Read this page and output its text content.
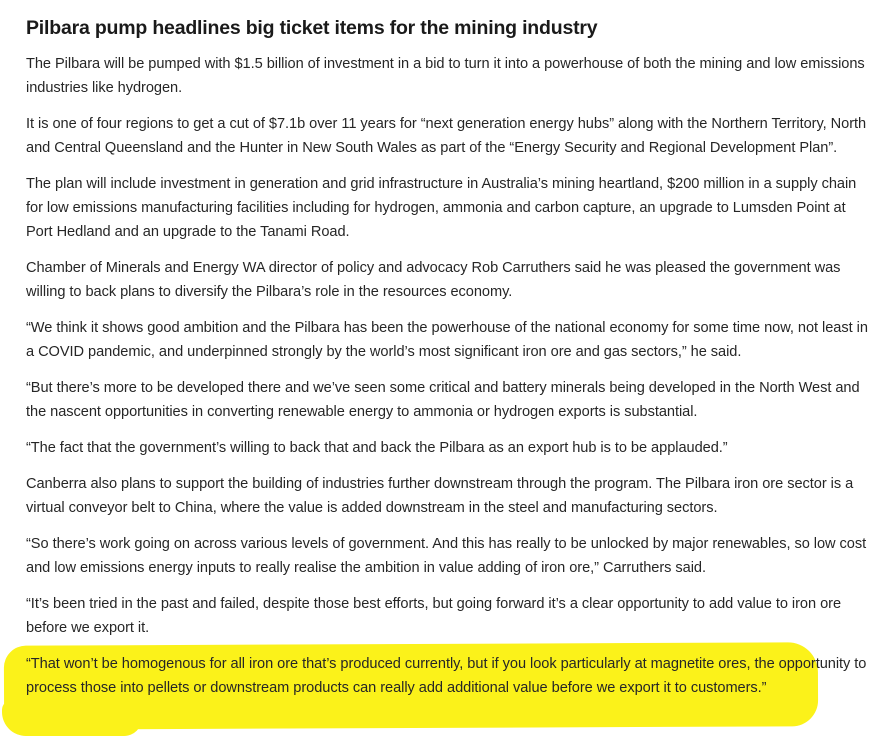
Pilbara pump headlines big ticket items for the mining industry

The Pilbara will be pumped with $1.5 billion of investment in a bid to turn it into a powerhouse of both the mining and low emissions industries like hydrogen.

It is one of four regions to get a cut of $7.1b over 11 years for “next generation energy hubs” along with the Northern Territory, North and Central Queensland and the Hunter in New South Wales as part of the “Energy Security and Regional Development Plan”.

The plan will include investment in generation and grid infrastructure in Australia’s mining heartland, $200 million in a supply chain for low emissions manufacturing facilities including for hydrogen, ammonia and carbon capture, an upgrade to Lumsden Point at Port Hedland and an upgrade to the Tanami Road.

Chamber of Minerals and Energy WA director of policy and advocacy Rob Carruthers said he was pleased the government was willing to back plans to diversify the Pilbara’s role in the resources economy.

“We think it shows good ambition and the Pilbara has been the powerhouse of the national economy for some time now, not least in a COVID pandemic, and underpinned strongly by the world’s most significant iron ore and gas sectors,” he said.

“But there’s more to be developed there and we’ve seen some critical and battery minerals being developed in the North West and the nascent opportunities in converting renewable energy to ammonia or hydrogen exports is substantial.

“The fact that the government’s willing to back that and back the Pilbara as an export hub is to be applauded.”

Canberra also plans to support the building of industries further downstream through the program. The Pilbara iron ore sector is a virtual conveyor belt to China, where the value is added downstream in the steel and manufacturing sectors.

“So there’s work going on across various levels of government. And this has really to be unlocked by major renewables, so low cost and low emissions energy inputs to really realise the ambition in value adding of iron ore,” Carruthers said.

“It’s been tried in the past and failed, despite those best efforts, but going forward it’s a clear opportunity to add value to iron ore before we export it.

“That won’t be homogenous for all iron ore that’s produced currently, but if you look particularly at magnetite ores, the opportunity to process those into pellets or downstream products can really add additional value before we export it to customers.”
